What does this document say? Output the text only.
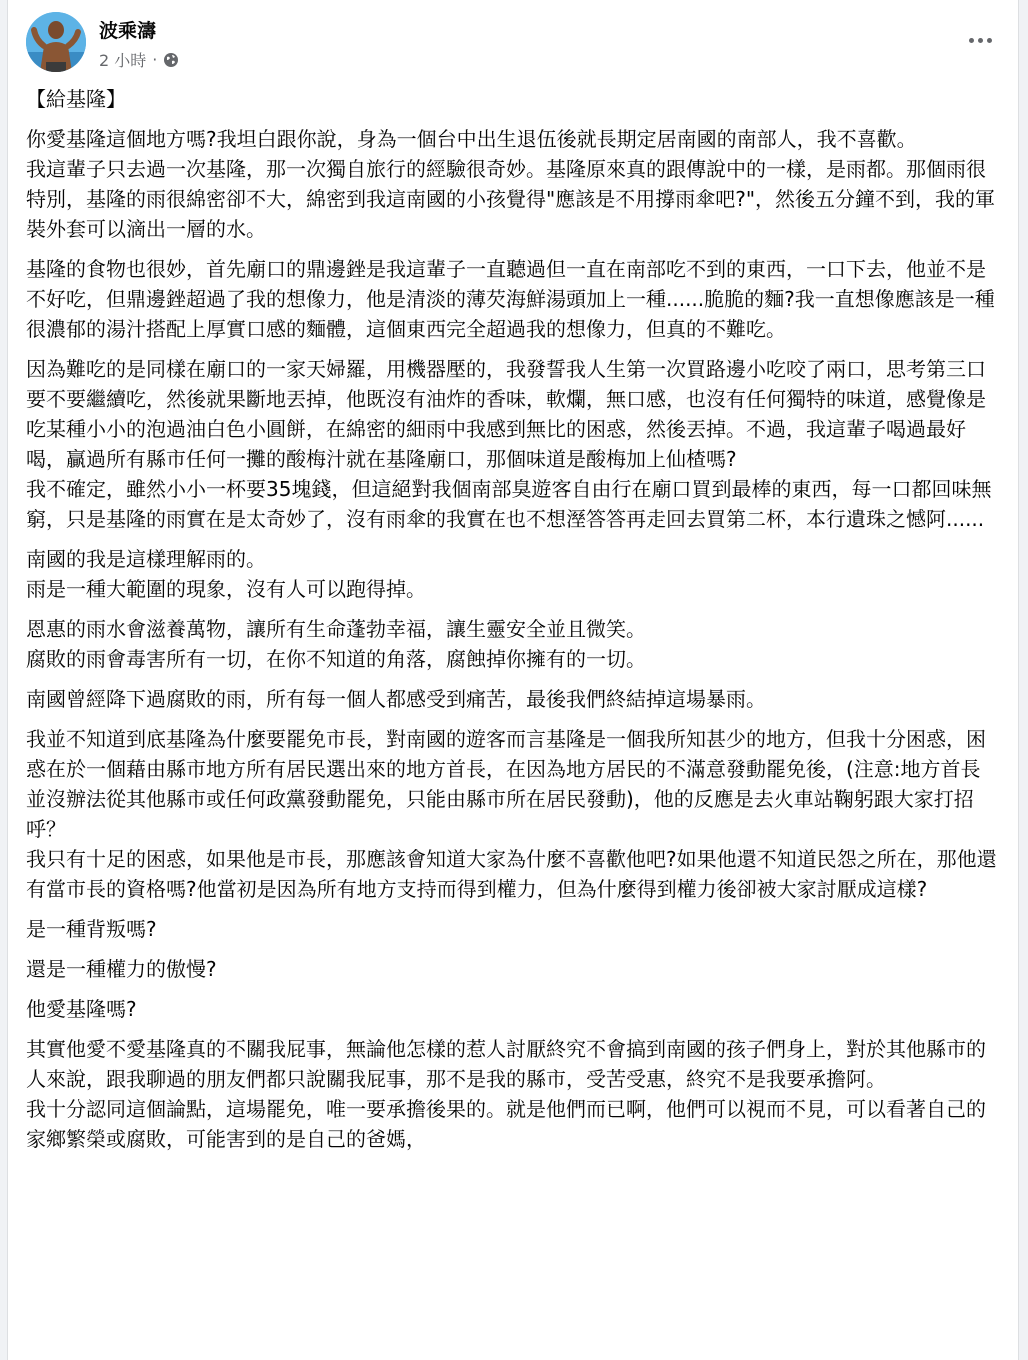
波乘濤
2 小時 ·

【給基隆】

你愛基隆這個地方嗎?我坦白跟你說，身為一個台中出生退伍後就長期定居南國的南部人，我不喜歡。
我這輩子只去過一次基隆，那一次獨自旅行的經驗很奇妙。基隆原來真的跟傳說中的一樣，是雨都。那個雨很特別，基隆的雨很綿密卻不大，綿密到我這南國的小孩覺得"應該是不用撐雨傘吧?"，然後五分鐘不到，我的軍裝外套可以滴出一層的水。

基隆的食物也很妙，首先廟口的鼎邊銼是我這輩子一直聽過但一直在南部吃不到的東西，一口下去，他並不是不好吃，但鼎邊銼超過了我的想像力，他是清淡的薄芡海鮮湯頭加上一種......脆脆的麵?我一直想像應該是一種很濃郁的湯汁搭配上厚實口感的麵體，這個東西完全超過我的想像力，但真的不難吃。

因為難吃的是同樣在廟口的一家天婦羅，用機器壓的，我發誓我人生第一次買路邊小吃咬了兩口，思考第三口要不要繼續吃，然後就果斷地丟掉，他既沒有油炸的香味，軟爛，無口感，也沒有任何獨特的味道，感覺像是吃某種小小的泡過油白色小圓餅，在綿密的細雨中我感到無比的困惑，然後丟掉。不過，我這輩子喝過最好喝，贏過所有縣市任何一攤的酸梅汁就在基隆廟口，那個味道是酸梅加上仙楂嗎?
我不確定，雖然小小一杯要35塊錢，但這絕對我個南部臭遊客自由行在廟口買到最棒的東西，每一口都回味無窮，只是基隆的雨實在是太奇妙了，沒有雨傘的我實在也不想溼答答再走回去買第二杯，本行遺珠之憾阿......

南國的我是這樣理解雨的。
雨是一種大範圍的現象，沒有人可以跑得掉。

恩惠的雨水會滋養萬物，讓所有生命蓬勃幸福，讓生靈安全並且微笑。
腐敗的雨會毒害所有一切，在你不知道的角落，腐蝕掉你擁有的一切。

南國曾經降下過腐敗的雨，所有每一個人都感受到痛苦，最後我們終結掉這場暴雨。

我並不知道到底基隆為什麼要罷免市長，對南國的遊客而言基隆是一個我所知甚少的地方，但我十分困惑，困惑在於一個藉由縣市地方所有居民選出來的地方首長，在因為地方居民的不滿意發動罷免後，(注意:地方首長並沒辦法從其他縣市或任何政黨發動罷免，只能由縣市所在居民發動)，他的反應是去火車站鞠躬跟大家打招呼？
我只有十足的困惑，如果他是市長，那應該會知道大家為什麼不喜歡他吧?如果他還不知道民怨之所在，那他還有當市長的資格嗎?他當初是因為所有地方支持而得到權力，但為什麼得到權力後卻被大家討厭成這樣?

是一種背叛嗎?

還是一種權力的傲慢?

他愛基隆嗎?

其實他愛不愛基隆真的不關我屁事，無論他怎樣的惹人討厭終究不會搞到南國的孩子們身上，對於其他縣市的人來說，跟我聊過的朋友們都只說關我屁事，那不是我的縣市，受苦受惠，終究不是我要承擔阿。
我十分認同這個論點，這場罷免，唯一要承擔後果的。就是他們而已啊，他們可以視而不見，可以看著自己的家鄉繁榮或腐敗，可能害到的是自己的爸媽，
